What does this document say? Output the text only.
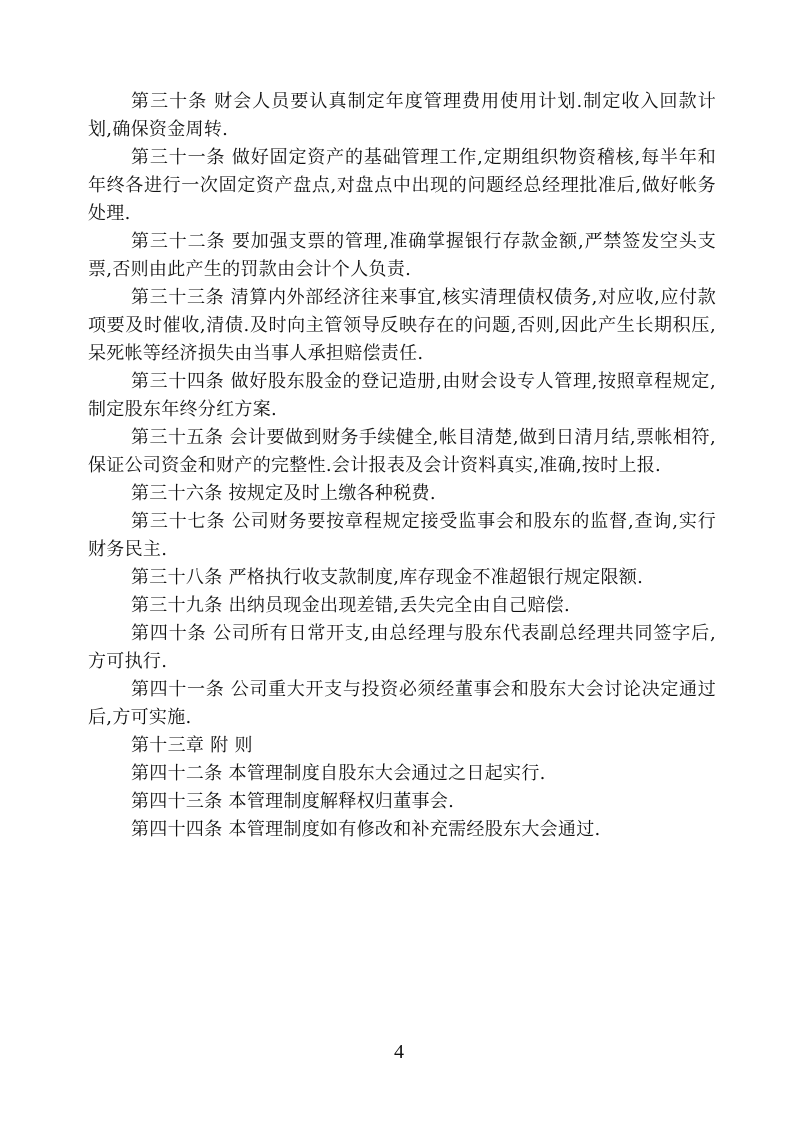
第三十条 财会人员要认真制定年度管理费用使用计划.制定收入回款计划,确保资金周转.

第三十一条 做好固定资产的基础管理工作,定期组织物资稽核,每半年和年终各进行一次固定资产盘点,对盘点中出现的问题经总经理批准后,做好帐务处理.

第三十二条 要加强支票的管理,准确掌握银行存款金额,严禁签发空头支票,否则由此产生的罚款由会计个人负责.

第三十三条 清算内外部经济往来事宜,核实清理债权债务,对应收,应付款项要及时催收,清债.及时向主管领导反映存在的问题,否则,因此产生长期积压,呆死帐等经济损失由当事人承担赔偿责任.

第三十四条 做好股东股金的登记造册,由财会设专人管理,按照章程规定,制定股东年终分红方案.

第三十五条 会计要做到财务手续健全,帐目清楚,做到日清月结,票帐相符,保证公司资金和财产的完整性.会计报表及会计资料真实,准确,按时上报.

第三十六条 按规定及时上缴各种税费.

第三十七条 公司财务要按章程规定接受监事会和股东的监督,查询,实行财务民主.

第三十八条 严格执行收支款制度,库存现金不准超银行规定限额.

第三十九条 出纳员现金出现差错,丢失完全由自己赔偿.

第四十条 公司所有日常开支,由总经理与股东代表副总经理共同签字后,方可执行.

第四十一条 公司重大开支与投资必须经董事会和股东大会讨论决定通过后,方可实施.

第十三章 附 则

第四十二条 本管理制度自股东大会通过之日起实行.

第四十三条 本管理制度解释权归董事会.

第四十四条 本管理制度如有修改和补充需经股东大会通过.

4
